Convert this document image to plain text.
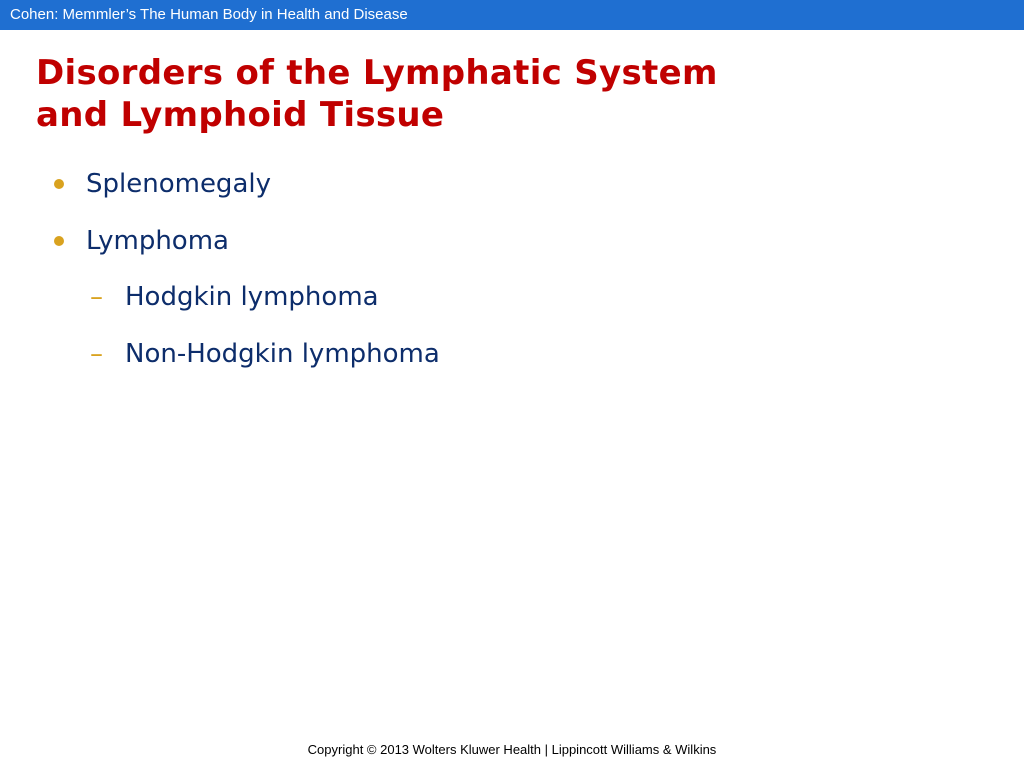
Cohen: Memmler’s The Human Body in Health and Disease
Disorders of the Lymphatic System
and Lymphoid Tissue
Splenomegaly
Lymphoma
– Hodgkin lymphoma
– Non-Hodgkin lymphoma
Copyright © 2013 Wolters Kluwer Health | Lippincott Williams & Wilkins
